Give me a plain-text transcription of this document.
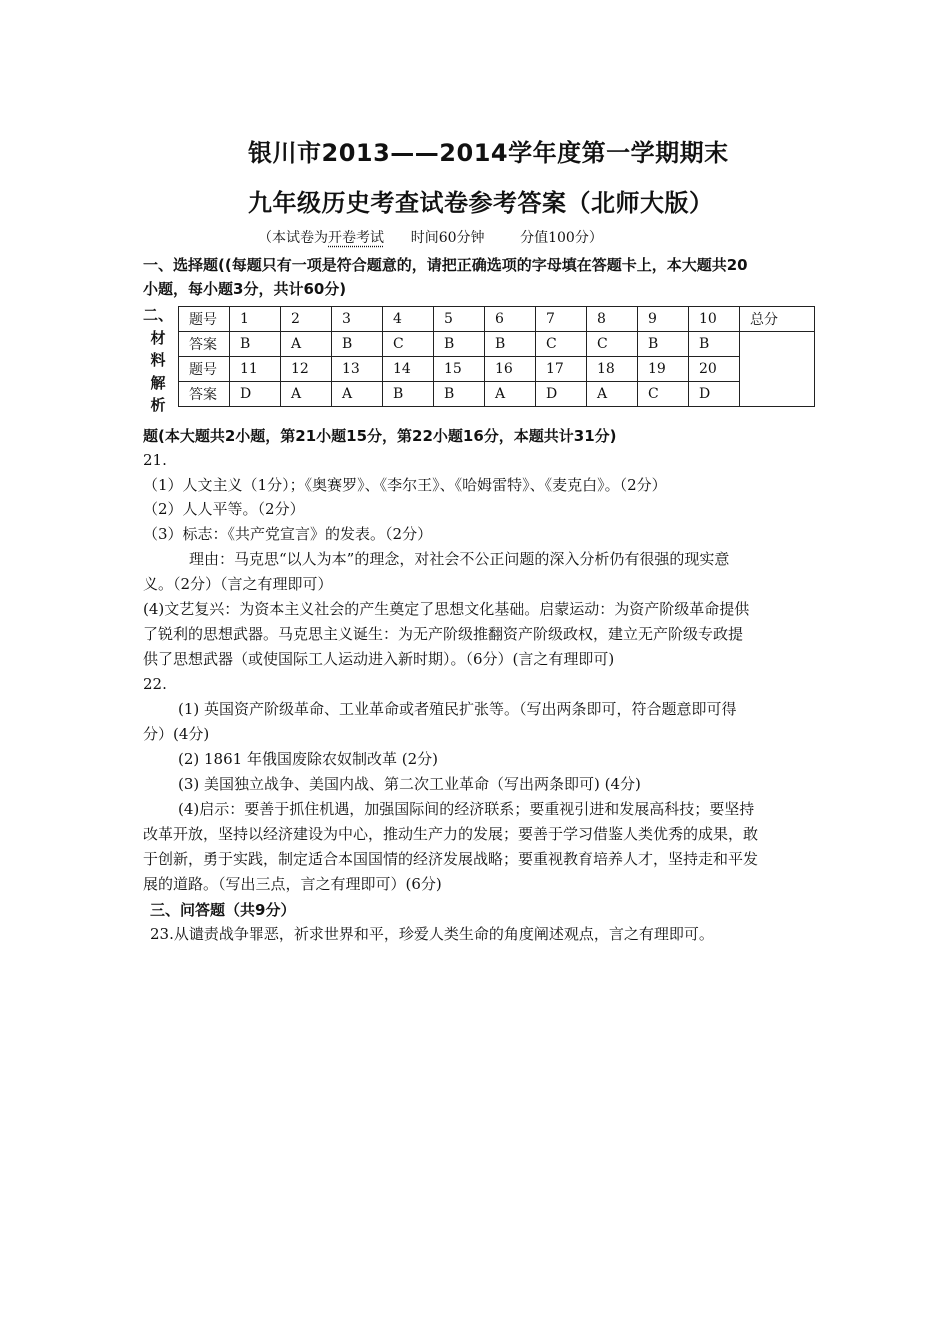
银川市2013——2014学年度第一学期期末
九年级历史考查试卷参考答案（北师大版）
（本试卷为开卷考试      时间60分钟        分值100分）
一、选择题((每题只有一项是符合题意的，请把正确选项的字母填在答题卡上，本大题共20
小题，每小题3分，共计60分)
二、
材
料
解
析
题号	1	2	3	4	5	6	7	8	9	10	总分
答案	B	A	B	C	B	B	C	C	B	B	
题号	11	12	13	14	15	16	17	18	19	20	
答案	D	A	A	B	B	A	D	A	C	D	
题(本大题共2小题，第21小题15分，第22小题16分，本题共计31分)
21.
（1）人文主义（1分）；《奥赛罗》、《李尔王》、《哈姆雷特》、《麦克白》。（2分）
（2）人人平等。（2分）
（3）标志：《共产党宣言》的发表。（2分）
理由：马克思“以人为本”的理念，对社会不公正问题的深入分析仍有很强的现实意
义。（2分）（言之有理即可）
(4)文艺复兴：为资本主义社会的产生奠定了思想文化基础。启蒙运动：为资产阶级革命提供
了锐利的思想武器。马克思主义诞生：为无产阶级推翻资产阶级政权，建立无产阶级专政提
供了思想武器（或使国际工人运动进入新时期）。（6分）(言之有理即可)
22.
(1) 英国资产阶级革命、工业革命或者殖民扩张等。（写出两条即可，符合题意即可得
分）(4分)
(2) 1861 年俄国废除农奴制改革 (2分)
(3) 美国独立战争、美国内战、第二次工业革命（写出两条即可) (4分)
(4)启示：要善于抓住机遇，加强国际间的经济联系；要重视引进和发展高科技；要坚持
改革开放，坚持以经济建设为中心，推动生产力的发展；要善于学习借鉴人类优秀的成果，敢
于创新，勇于实践，制定适合本国国情的经济发展战略；要重视教育培养人才，坚持走和平发
展的道路。（写出三点，言之有理即可）(6分)
三、问答题（共9分）
23.从谴责战争罪恶，祈求世界和平，珍爱人类生命的角度阐述观点，言之有理即可。
